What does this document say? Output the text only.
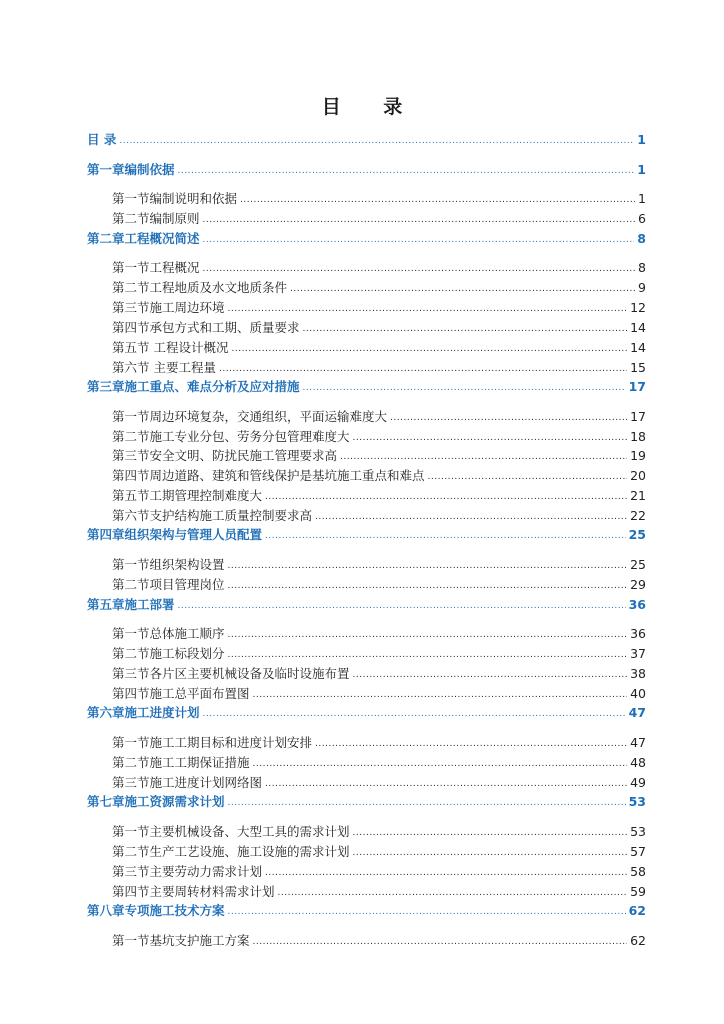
目 录
目 录 .....	1
第一章编制依据 .....	1
第一节编制说明和依据 .....	1
第二节编制原则 .....	6
第二章工程概况简述 .....	8
第一节工程概况 .....	8
第二节工程地质及水文地质条件 .....	9
第三节施工周边环境 .....	12
第四节承包方式和工期、质量要求 .....	14
第五节 工程设计概况 .....	14
第六节 主要工程量 .....	15
第三章施工重点、难点分析及应对措施 .....	17
第一节周边环境复杂，交通组织，平面运输难度大 .....	17
第二节施工专业分包、劳务分包管理难度大 .....	18
第三节安全文明、防扰民施工管理要求高 .....	19
第四节周边道路、建筑和管线保护是基坑施工重点和难点 .....	20
第五节工期管理控制难度大 .....	21
第六节支护结构施工质量控制要求高 .....	22
第四章组织架构与管理人员配置 .....	25
第一节组织架构设置 .....	25
第二节项目管理岗位 .....	29
第五章施工部署 .....	36
第一节总体施工顺序 .....	36
第二节施工标段划分 .....	37
第三节各片区主要机械设备及临时设施布置 .....	38
第四节施工总平面布置图 .....	40
第六章施工进度计划 .....	47
第一节施工工期目标和进度计划安排 .....	47
第二节施工工期保证措施 .....	48
第三节施工进度计划网络图 .....	49
第七章施工资源需求计划 .....	53
第一节主要机械设备、大型工具的需求计划 .....	53
第二节生产工艺设施、施工设施的需求计划 .....	57
第三节主要劳动力需求计划 .....	58
第四节主要周转材料需求计划 .....	59
第八章专项施工技术方案 .....	62
第一节基坑支护施工方案 .....	62
